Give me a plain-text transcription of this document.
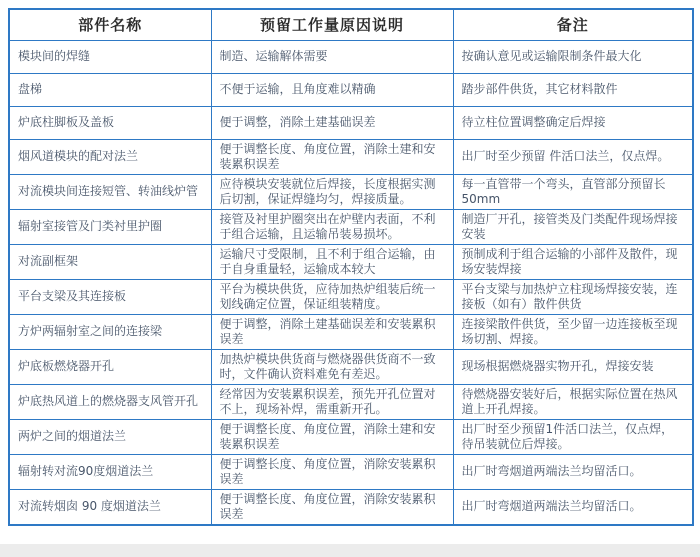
部件名称	预留工作量原因说明	备注
模块间的焊缝	制造、运输解体需要	按确认意见或运输限制条件最大化
盘梯	不便于运输，且角度难以精确	踏步部件供货，其它材料散件
炉底柱脚板及盖板	便于调整，消除土建基础误差	待立柱位置调整确定后焊接
烟风道模块的配对法兰	便于调整长度、角度位置，消除土建和安装累积误差	出厂时至少预留 件活口法兰，仅点焊。
对流模块间连接短管、转油线炉管	应待模块安装就位后焊接，长度根据实测后切割，保证焊缝均匀，焊接质量。	每一直管带一个弯头，直管部分预留长50mm
辐射室接管及门类衬里护圈	接管及衬里护圈突出在炉壁内表面，不利于组合运输，且运输吊装易损坏。	制造厂开孔，接管类及门类配件现场焊接安装
对流副框架	运输尺寸受限制，且不利于组合运输，由于自身重量轻，运输成本较大	预制成利于组合运输的小部件及散件，现场安装焊接
平台支梁及其连接板	平台为模块供货，应待加热炉组装后统一划线确定位置，保证组装精度。	平台支梁与加热炉立柱现场焊接安装，连接板（如有）散件供货
方炉两辐射室之间的连接梁	便于调整，消除土建基础误差和安装累积误差	连接梁散件供货，至少留一边连接板至现场切割、焊接。
炉底板燃烧器开孔	加热炉模块供货商与燃烧器供货商不一致时，文件确认资料难免有差迟。	现场根据燃烧器实物开孔，焊接安装
炉底热风道上的燃烧器支风管开孔	经常因为安装累积误差，预先开孔位置对不上，现场补焊，需重新开孔。	待燃烧器安装好后，根据实际位置在热风道上开孔焊接。
两炉之间的烟道法兰	便于调整长度、角度位置，消除土建和安装累积误差	出厂时至少预留1件活口法兰，仅点焊，待吊装就位后焊接。
辐射转对流90度烟道法兰	便于调整长度、角度位置，消除安装累积误差	出厂时弯烟道两端法兰均留活口。
对流转烟囱 90 度烟道法兰	便于调整长度、角度位置，消除安装累积误差	出厂时弯烟道两端法兰均留活口。
